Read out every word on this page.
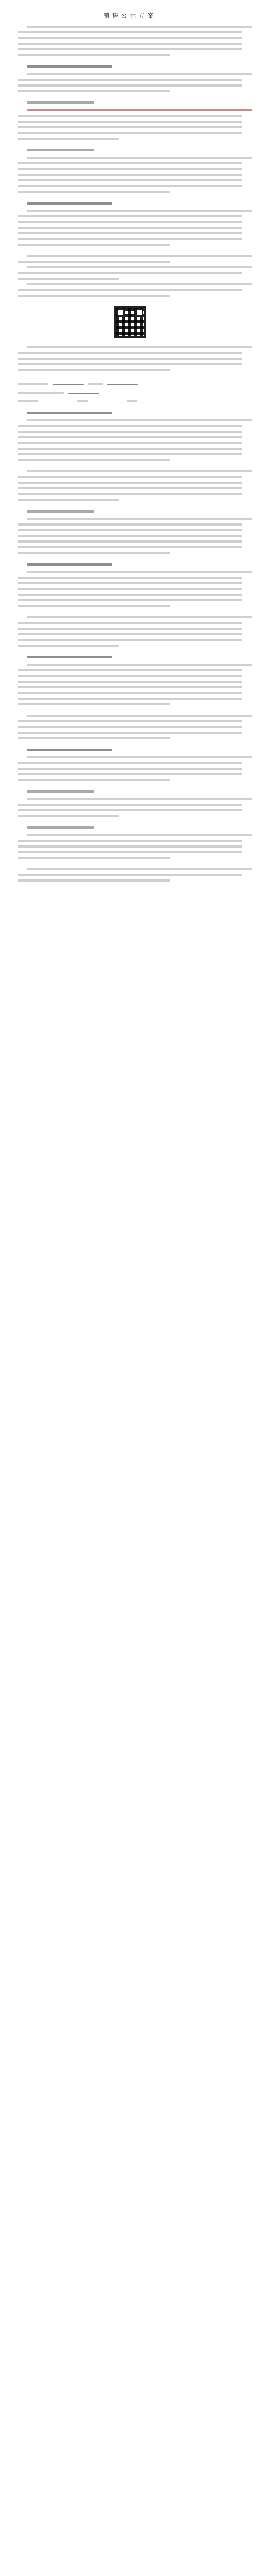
销售公示方案
